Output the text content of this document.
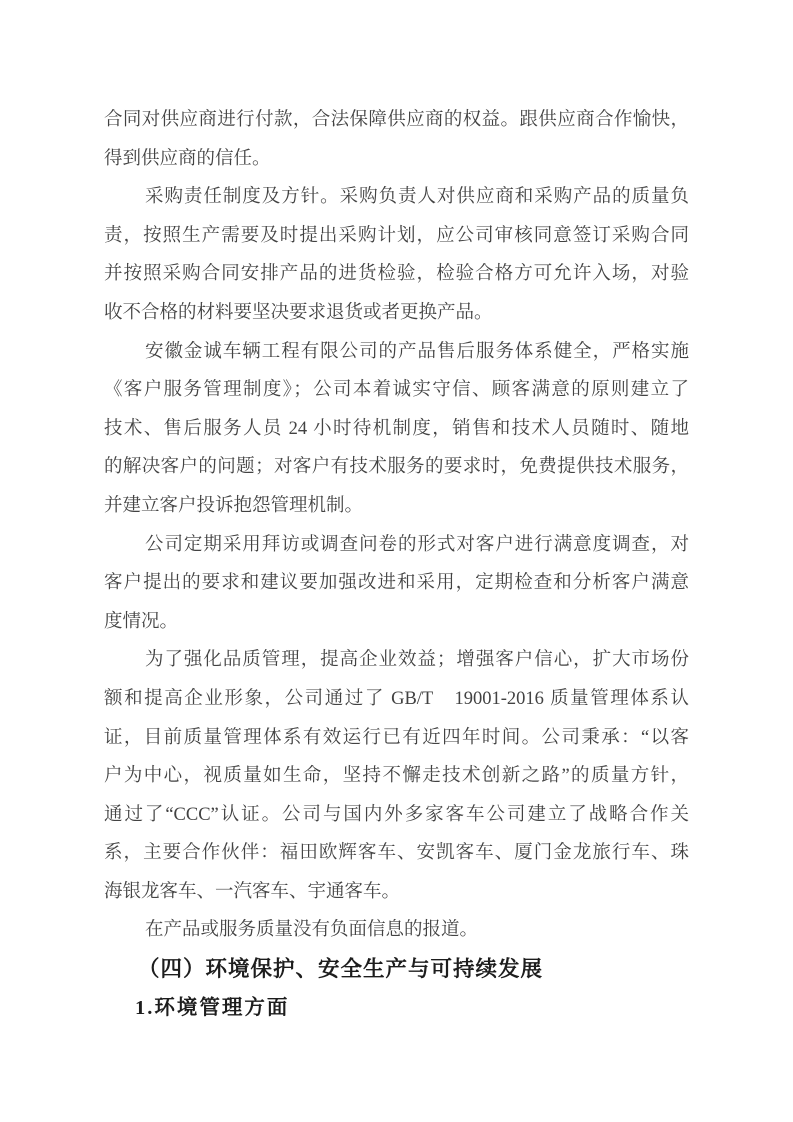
合同对供应商进行付款，合法保障供应商的权益。跟供应商合作愉快，
得到供应商的信任。
采购责任制度及方针。采购负责人对供应商和采购产品的质量负
责，按照生产需要及时提出采购计划，应公司审核同意签订采购合同
并按照采购合同安排产品的进货检验，检验合格方可允许入场，对验
收不合格的材料要坚决要求退货或者更换产品。
安徽金诚车辆工程有限公司的产品售后服务体系健全，严格实施
《客户服务管理制度》；公司本着诚实守信、顾客满意的原则建立了
技术、售后服务人员 24 小时待机制度，销售和技术人员随时、随地
的解决客户的问题；对客户有技术服务的要求时，免费提供技术服务，
并建立客户投诉抱怨管理机制。
公司定期采用拜访或调查问卷的形式对客户进行满意度调查，对
客户提出的要求和建议要加强改进和采用，定期检查和分析客户满意
度情况。
为了强化品质管理，提高企业效益；增强客户信心，扩大市场份
额和提高企业形象，公司通过了 GB/T　19001-2016 质量管理体系认
证，目前质量管理体系有效运行已有近四年时间。公司秉承：“以客
户为中心，视质量如生命，坚持不懈走技术创新之路”的质量方针，
通过了“CCC”认证。公司与国内外多家客车公司建立了战略合作关
系，主要合作伙伴：福田欧辉客车、安凯客车、厦门金龙旅行车、珠
海银龙客车、一汽客车、宇通客车。
在产品或服务质量没有负面信息的报道。
（四）环境保护、安全生产与可持续发展
1.环境管理方面
